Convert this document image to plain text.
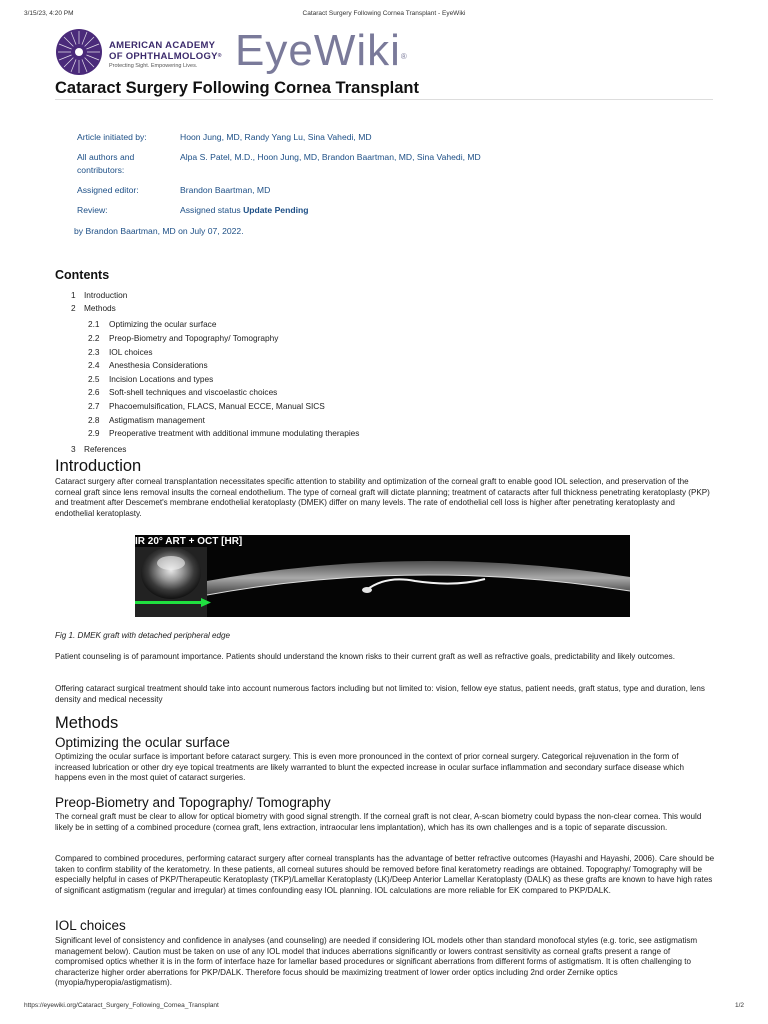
3/15/23, 4:20 PM	Cataract Surgery Following Cornea Transplant - EyeWiki
AMERICAN ACADEMY
OF OPHTHALMOLOGY®
Protecting Sight. Empowering Lives. EyeWiki®
Cataract Surgery Following Cornea Transplant
Article initiated by:	Hoon Jung, MD, Randy Yang Lu, Sina Vahedi, MD
All authors and
contributors:
Alpa S. Patel, M.D., Hoon Jung, MD, Brandon Baartman, MD, Sina Vahedi, MD
Assigned editor:	Brandon Baartman, MD
Review:	Assigned status Update Pending
by Brandon Baartman, MD on July 07, 2022.
Contents
1 Introduction
2 Methods
2.1 Optimizing the ocular surface
2.2 Preop-Biometry and Topography/ Tomography
2.3 IOL choices
2.4 Anesthesia Considerations
2.5 Incision Locations and types
2.6 Soft-shell techniques and viscoelastic choices
2.7 Phacoemulsification, FLACS, Manual ECCE, Manual SICS
2.8 Astigmatism management
2.9 Preoperative treatment with additional immune modulating therapies
3 References
Introduction

Cataract surgery after corneal transplantation necessitates specific attention to stability and optimization of the corneal graft to enable good IOL selection, and preservation of the corneal graft since lens removal insults the corneal endothelium. The type of corneal graft will dictate planning; treatment of cataracts after full thickness penetrating keratoplasty (PKP) and treatment after Descemet's membrane endothelial keratoplasty (DMEK) differ on many levels. The rate of endothelial cell loss is higher after penetrating keratoplasty and endothelial keratoplasty.

IR 20° ART + OCT [HR]
Fig 1. DMEK graft with detached peripheral edge

Patient counseling is of paramount importance. Patients should understand the known risks to their current graft as well as refractive goals, predictability and likely outcomes.

Offering cataract surgical treatment should take into account numerous factors including but not limited to: vision, fellow eye status, patient needs, graft status, type and duration, lens density and medical necessity

Methods
Optimizing the ocular surface

Optimizing the ocular surface is important before cataract surgery. This is even more pronounced in the context of prior corneal surgery. Categorical rejuvenation in the form of increased lubrication or other dry eye topical treatments are likely warranted to blunt the expected increase in ocular surface inflammation and secondary surface disease which happens even in the most quiet of cataract surgeries.

Preop-Biometry and Topography/ Tomography

The corneal graft must be clear to allow for optical biometry with good signal strength. If the corneal graft is not clear, A-scan biometry could bypass the non-clear cornea. This would likely be in setting of a combined procedure (cornea graft, lens extraction, intraocular lens implantation), which has its own challenges and is a topic of separate discussion.

Compared to combined procedures, performing cataract surgery after corneal transplants has the advantage of better refractive outcomes (Hayashi and Hayashi, 2006). Care should be taken to confirm stability of the keratometry. In these patients, all corneal sutures should be removed before final keratometry readings are obtained. Topography/ Tomography will be especially helpful in cases of PKP/Therapeutic Keratoplasty (TKP)/Lamellar Keratoplasty (LK)/Deep Anterior Lamellar Keratoplasty (DALK) as these grafts are known to have high rates of significant astigmatism (regular and irregular) at times confounding easy IOL planning. IOL calculations are more reliable for EK compared to PKP/DALK.

IOL choices

Significant level of consistency and confidence in analyses (and counseling) are needed if considering IOL models other than standard monofocal styles (e.g. toric, see astigmatism management below). Caution must be taken on use of any IOL model that induces aberrations significantly or lowers contrast sensitivity as corneal grafts present a range of compromised optics whether it is in the form of interface haze for lamellar based procedures or significant aberrations from different forms of astigmatism. It is often challenging to characterize higher order aberrations for PKP/DALK. Therefore focus should be maximizing treatment of lower order optics including 2nd order Zernike optics (myopia/hyperopia/astigmatism).

https://eyewiki.org/Cataract_Surgery_Following_Cornea_Transplant	1/2
